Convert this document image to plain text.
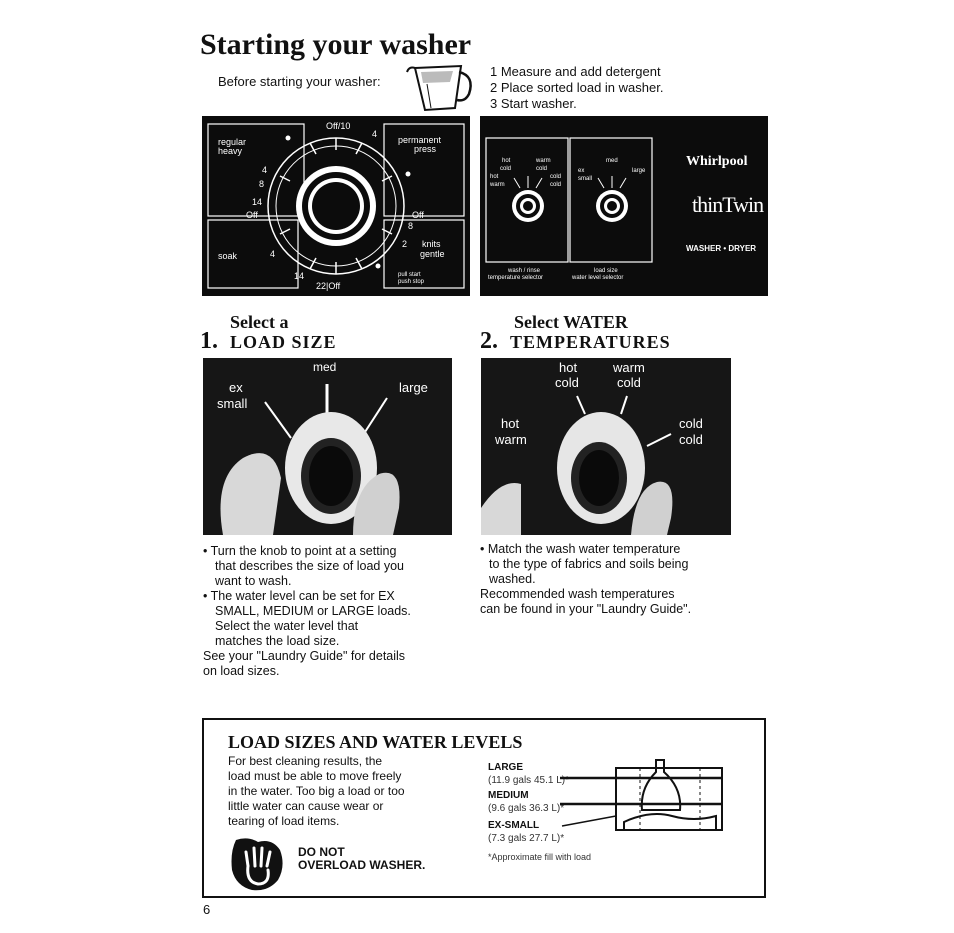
Starting your washer
Before starting your washer:
1 Measure and add detergent
2 Place sorted load in washer.
3 Start washer.
Off/10
4
regular
heavy
permanent
press
4
8
14
Off	Off
8
2 knits
gentle
soak	4
14
22|Off
pull start
push stop
hot	warm
cold	cold
hot	cold
warm	cold
med
ex	large
small
wash / rinse
temperature selector
load size
water level selector
Whirlpool
thinTwin
WASHER • DRYER
Select a
1. LOAD SIZE
med
ex
small
large

• Turn the knob to point at a setting

that describes the size of load you

want to wash.

• The water level can be set for EX

SMALL, MEDIUM or LARGE loads.

Select the water level that

matches the load size.

See your "Laundry Guide" for details

on load sizes.

Select WATER
2. TEMPERATURES
hot
cold
warm
cold
hot
warm
cold
cold

• Match the wash water temperature

to the type of fabrics and soils being

washed.

Recommended wash temperatures

can be found in your "Laundry Guide".

LOAD SIZES AND WATER LEVELS
For best cleaning results, the
load must be able to move freely
in the water. Too big a load or too
little water can cause wear or
tearing of load items.
DO NOT
OVERLOAD WASHER.
LARGE
(11.9 gals 45.1 L)*
MEDIUM
(9.6 gals 36.3 L)*
EX-SMALL
(7.3 gals 27.7 L)*
*Approximate fill with load
6
